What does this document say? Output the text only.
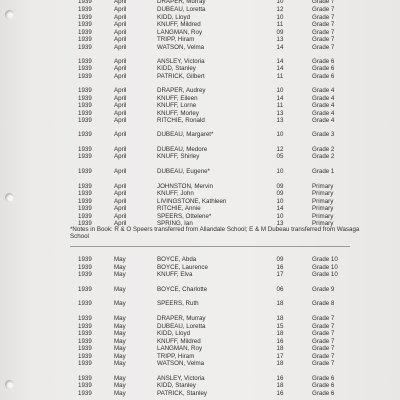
1939	April	DRAPER, Murray	10	Grade 7
1939	April	DUBEAU, Loretta	12	Grade 7
1939	April	KIDD, Lloyd	10	Grade 7
1939	April	KNUFF, Mildred	11	Grade 7
1939	April	LANGMAN, Roy	09	Grade 7
1939	April	TRIPP, Hiram	13	Grade 7
1939	April	WATSON, Velma	14	Grade 7
1939	April	ANSLEY, Victoria	14	Grade 6
1939	April	KIDD, Stanley	14	Grade 6
1939	April	PATRICK, Gilbert	11	Grade 6
1939	April	DRAPER, Audrey	10	Grade 4
1939	April	KNUFF, Eileen	14	Grade 4
1939	April	KNUFF, Lorne	11	Grade 4
1939	April	KNUFF, Morley	13	Grade 4
1939	April	RITCHIE, Ronald	13	Grade 4
1939	April	DUBEAU, Margaret*	10	Grade 3
1939	April	DUBEAU, Medore	12	Grade 2
1939	April	KNUFF, Shirley	05	Grade 2
1939	April	DUBEAU, Eugene*	10	Grade 1
1939	April	JOHNSTON, Mervin	09	Primary
1939	April	KNUFF, John	09	Primary
1939	April	LIVINGSTONE, Kathleen	10	Primary
1939	April	RITCHIE, Annie	14	Primary
1939	April	SPEERS, Ottelene*	10	Primary
1939	April	SPRING, Ian	13	Primary
1939	May	BOYCE, Abda	09	Grade 10
1939	May	BOYCE, Laurence	16	Grade 10
1939	May	KNUFF, Elva	17	Grade 10
1939	May	BOYCE, Charlotte	06	Grade 9
1939	May	SPEERS, Ruth	18	Grade 8
1939	May	DRAPER, Murray	18	Grade 7
1939	May	DUBEAU, Loretta	15	Grade 7
1939	May	KIDD, Lloyd	18	Grade 7
1939	May	KNUFF, Mildred	16	Grade 7
1939	May	LANGMAN, Roy	18	Grade 7
1939	May	TRIPP, Hiram	17	Grade 7
1939	May	WATSON, Velma	18	Grade 7
1939	May	ANSLEY, Victoria	16	Grade 6
1939	May	KIDD, Stanley	18	Grade 6
1939	May	PATRICK, Stanley	16	Grade 6
*Notes in Book: R & O Speers transferred from Allandale School; E & M Dubeau transferred from Wasaga School
